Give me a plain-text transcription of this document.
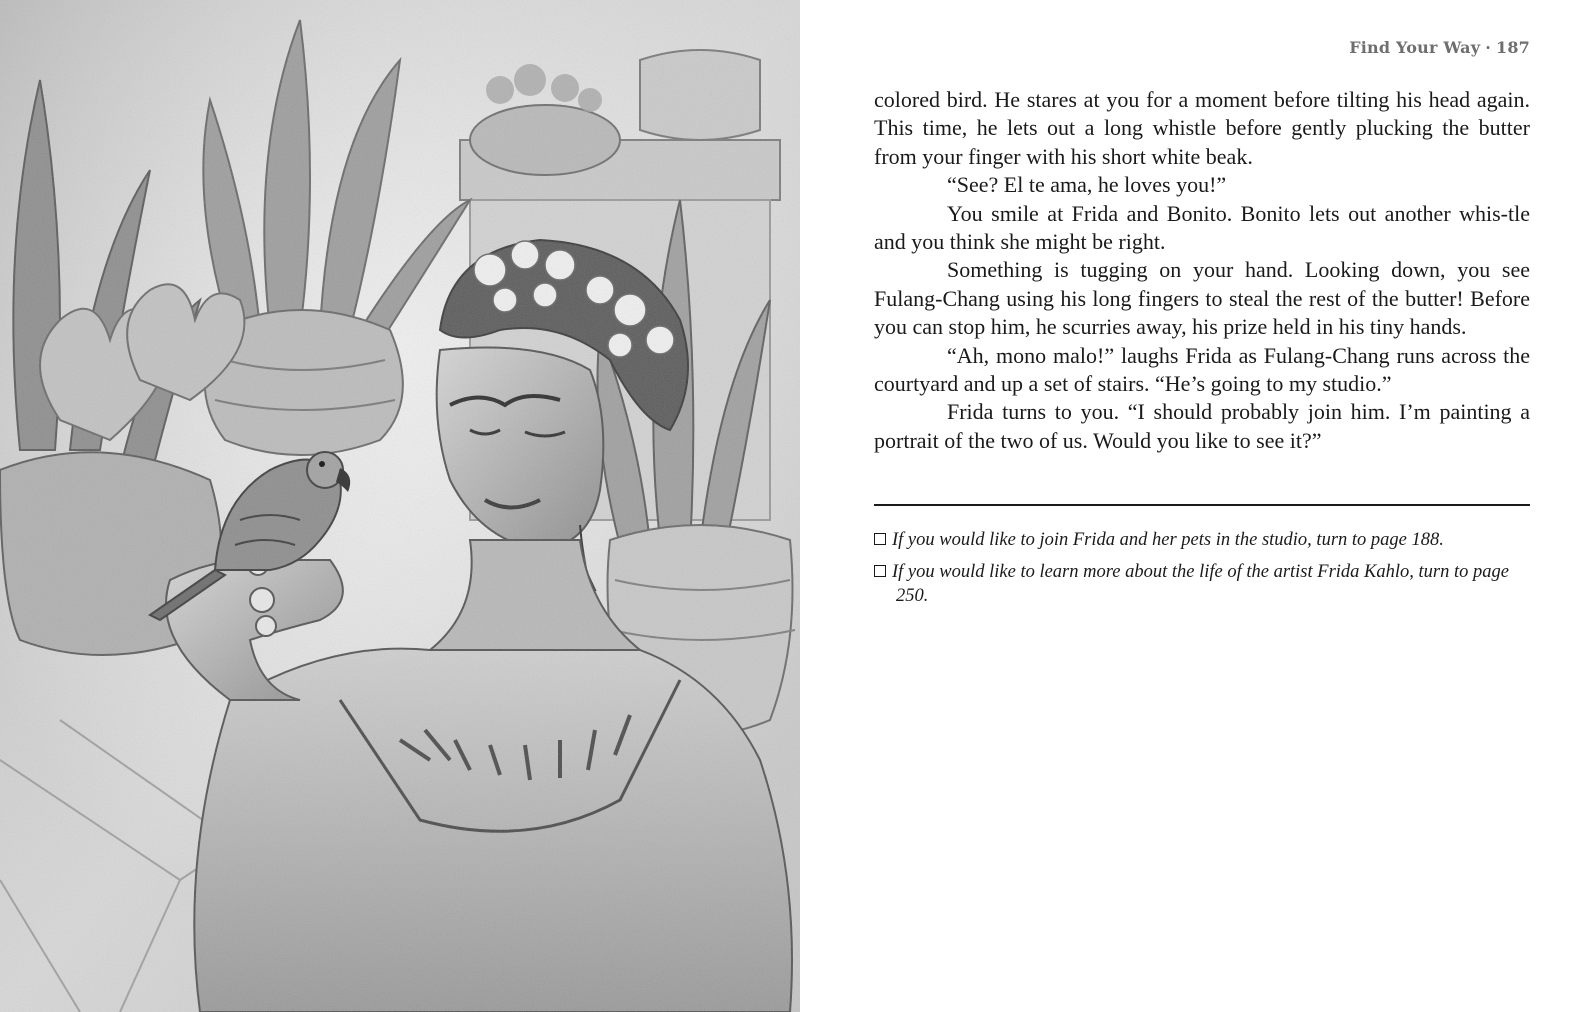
Find Your Way · 187

colored bird. He stares at you for a moment before tilting his head again. This time, he lets out a long whistle before gently plucking the butter from your finger with his short white beak.

“See? El te ama, he loves you!”

You smile at Frida and Bonito. Bonito lets out another whis-tle and you think she might be right.

Something is tugging on your hand. Looking down, you see Fulang-Chang using his long fingers to steal the rest of the butter! Before you can stop him, he scurries away, his prize held in his tiny hands.

“Ah, mono malo!” laughs Frida as Fulang-Chang runs across the courtyard and up a set of stairs. “He’s going to my studio.”

Frida turns to you. “I should probably join him. I’m painting a portrait of the two of us. Would you like to see it?”

If you would like to join Frida and her pets in the studio, turn to page 188.
If you would like to learn more about the life of the artist Frida Kahlo, turn to page 250.
